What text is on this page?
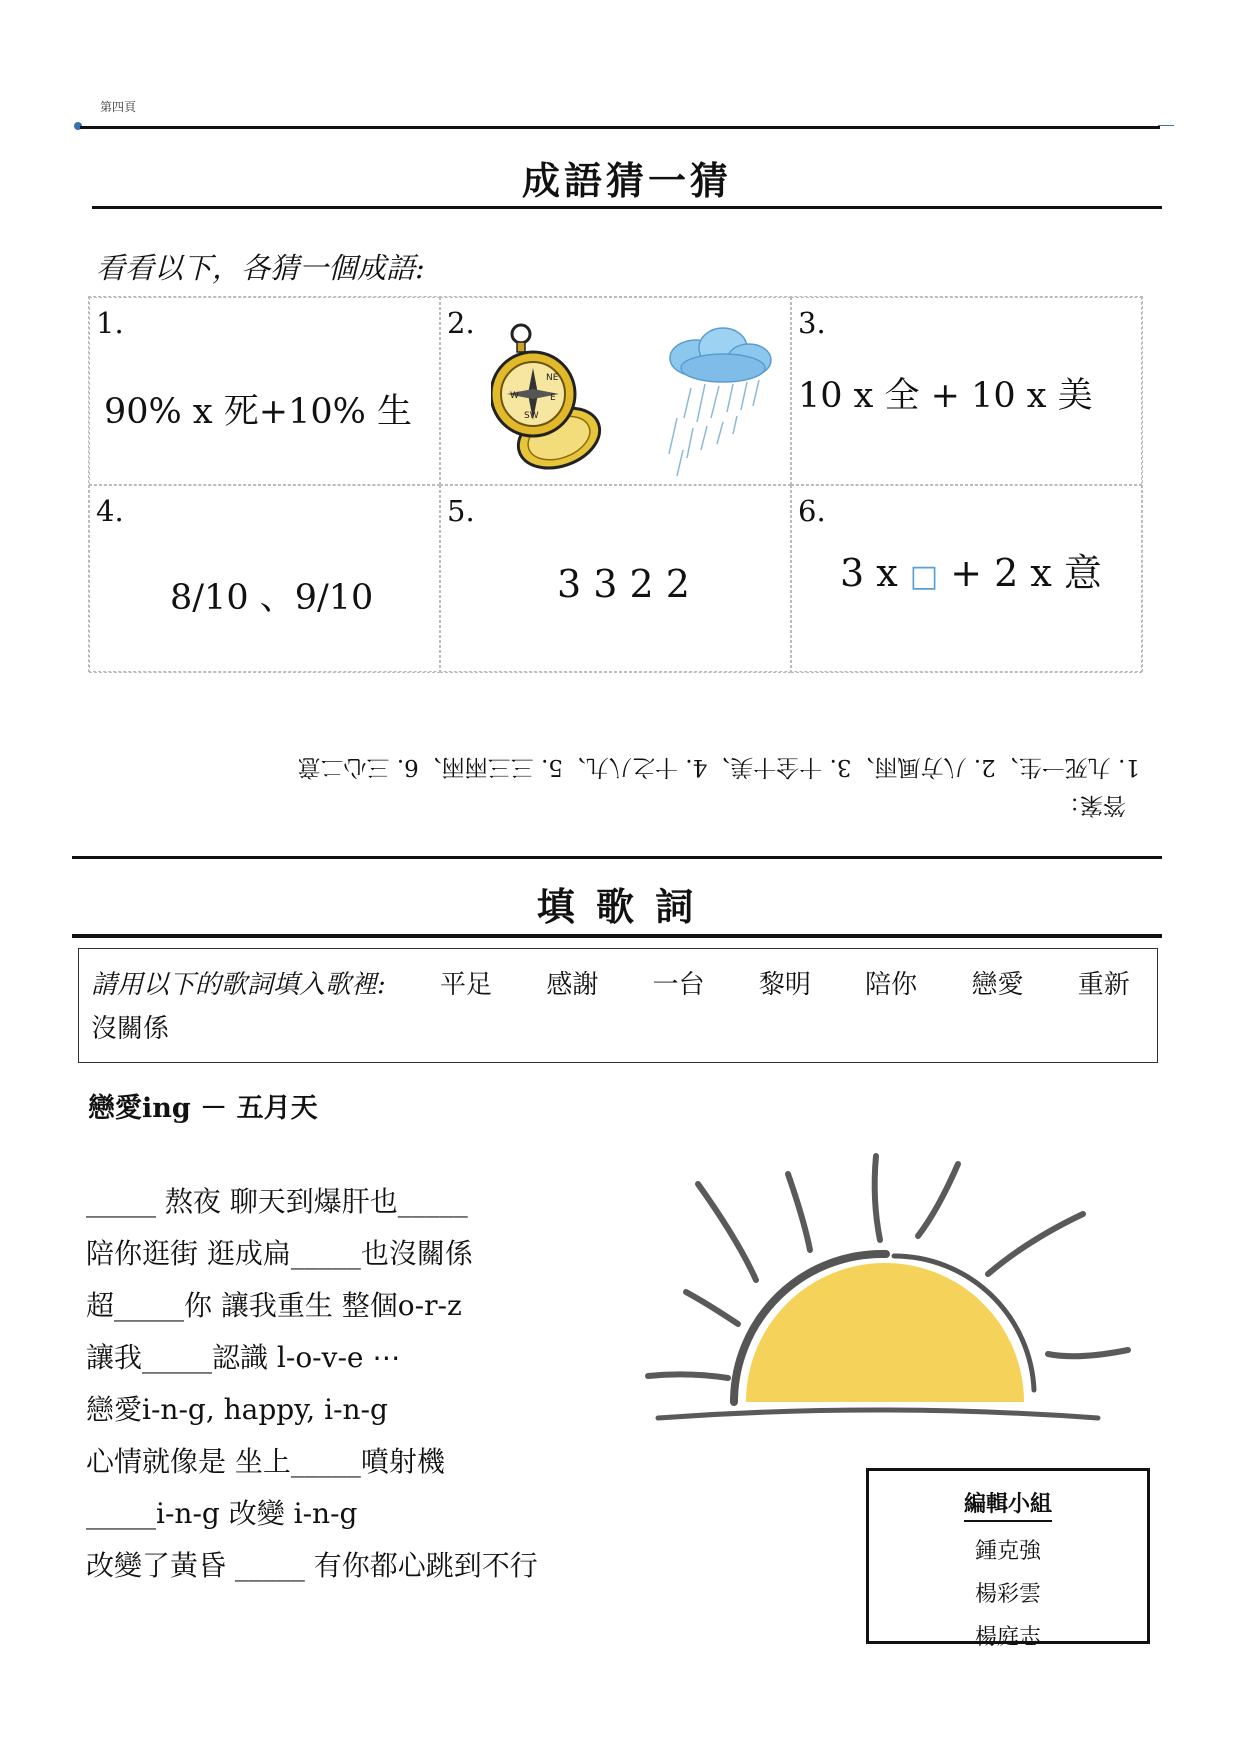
第四頁
成語猜一猜
看看以下，各猜一個成語:
1.
90% x 死+10% 生
2.
NE
E
W
SW
3.
10 x 全 + 10 x 美
4.
8/10 、9/10
5.
3 3 2 2
6.
3 x □ + 2 x 意
答案：
1. 九死一生、2. 八方風雨、3. 十全十美、4. 十之八九、5. 三三兩兩、6. 三心二意
填 歌 詞
請用以下的歌詞填入歌裡: 平足 感謝 一台 黎明 陪你 戀愛 重新
沒關係
戀愛ing － 五月天
_____ 熬夜 聊天到爆肝也_____
陪你逛街 逛成扁_____也沒關係
超_____你 讓我重生 整個o-r-z
讓我_____認識 l-o-v-e ⋯
戀愛i-n-g, happy, i-n-g
心情就像是 坐上_____噴射機
_____i-n-g 改變 i-n-g
改變了黃昏 _____ 有你都心跳到不行
編輯小組
鍾克強
楊彩雲
楊庭志
